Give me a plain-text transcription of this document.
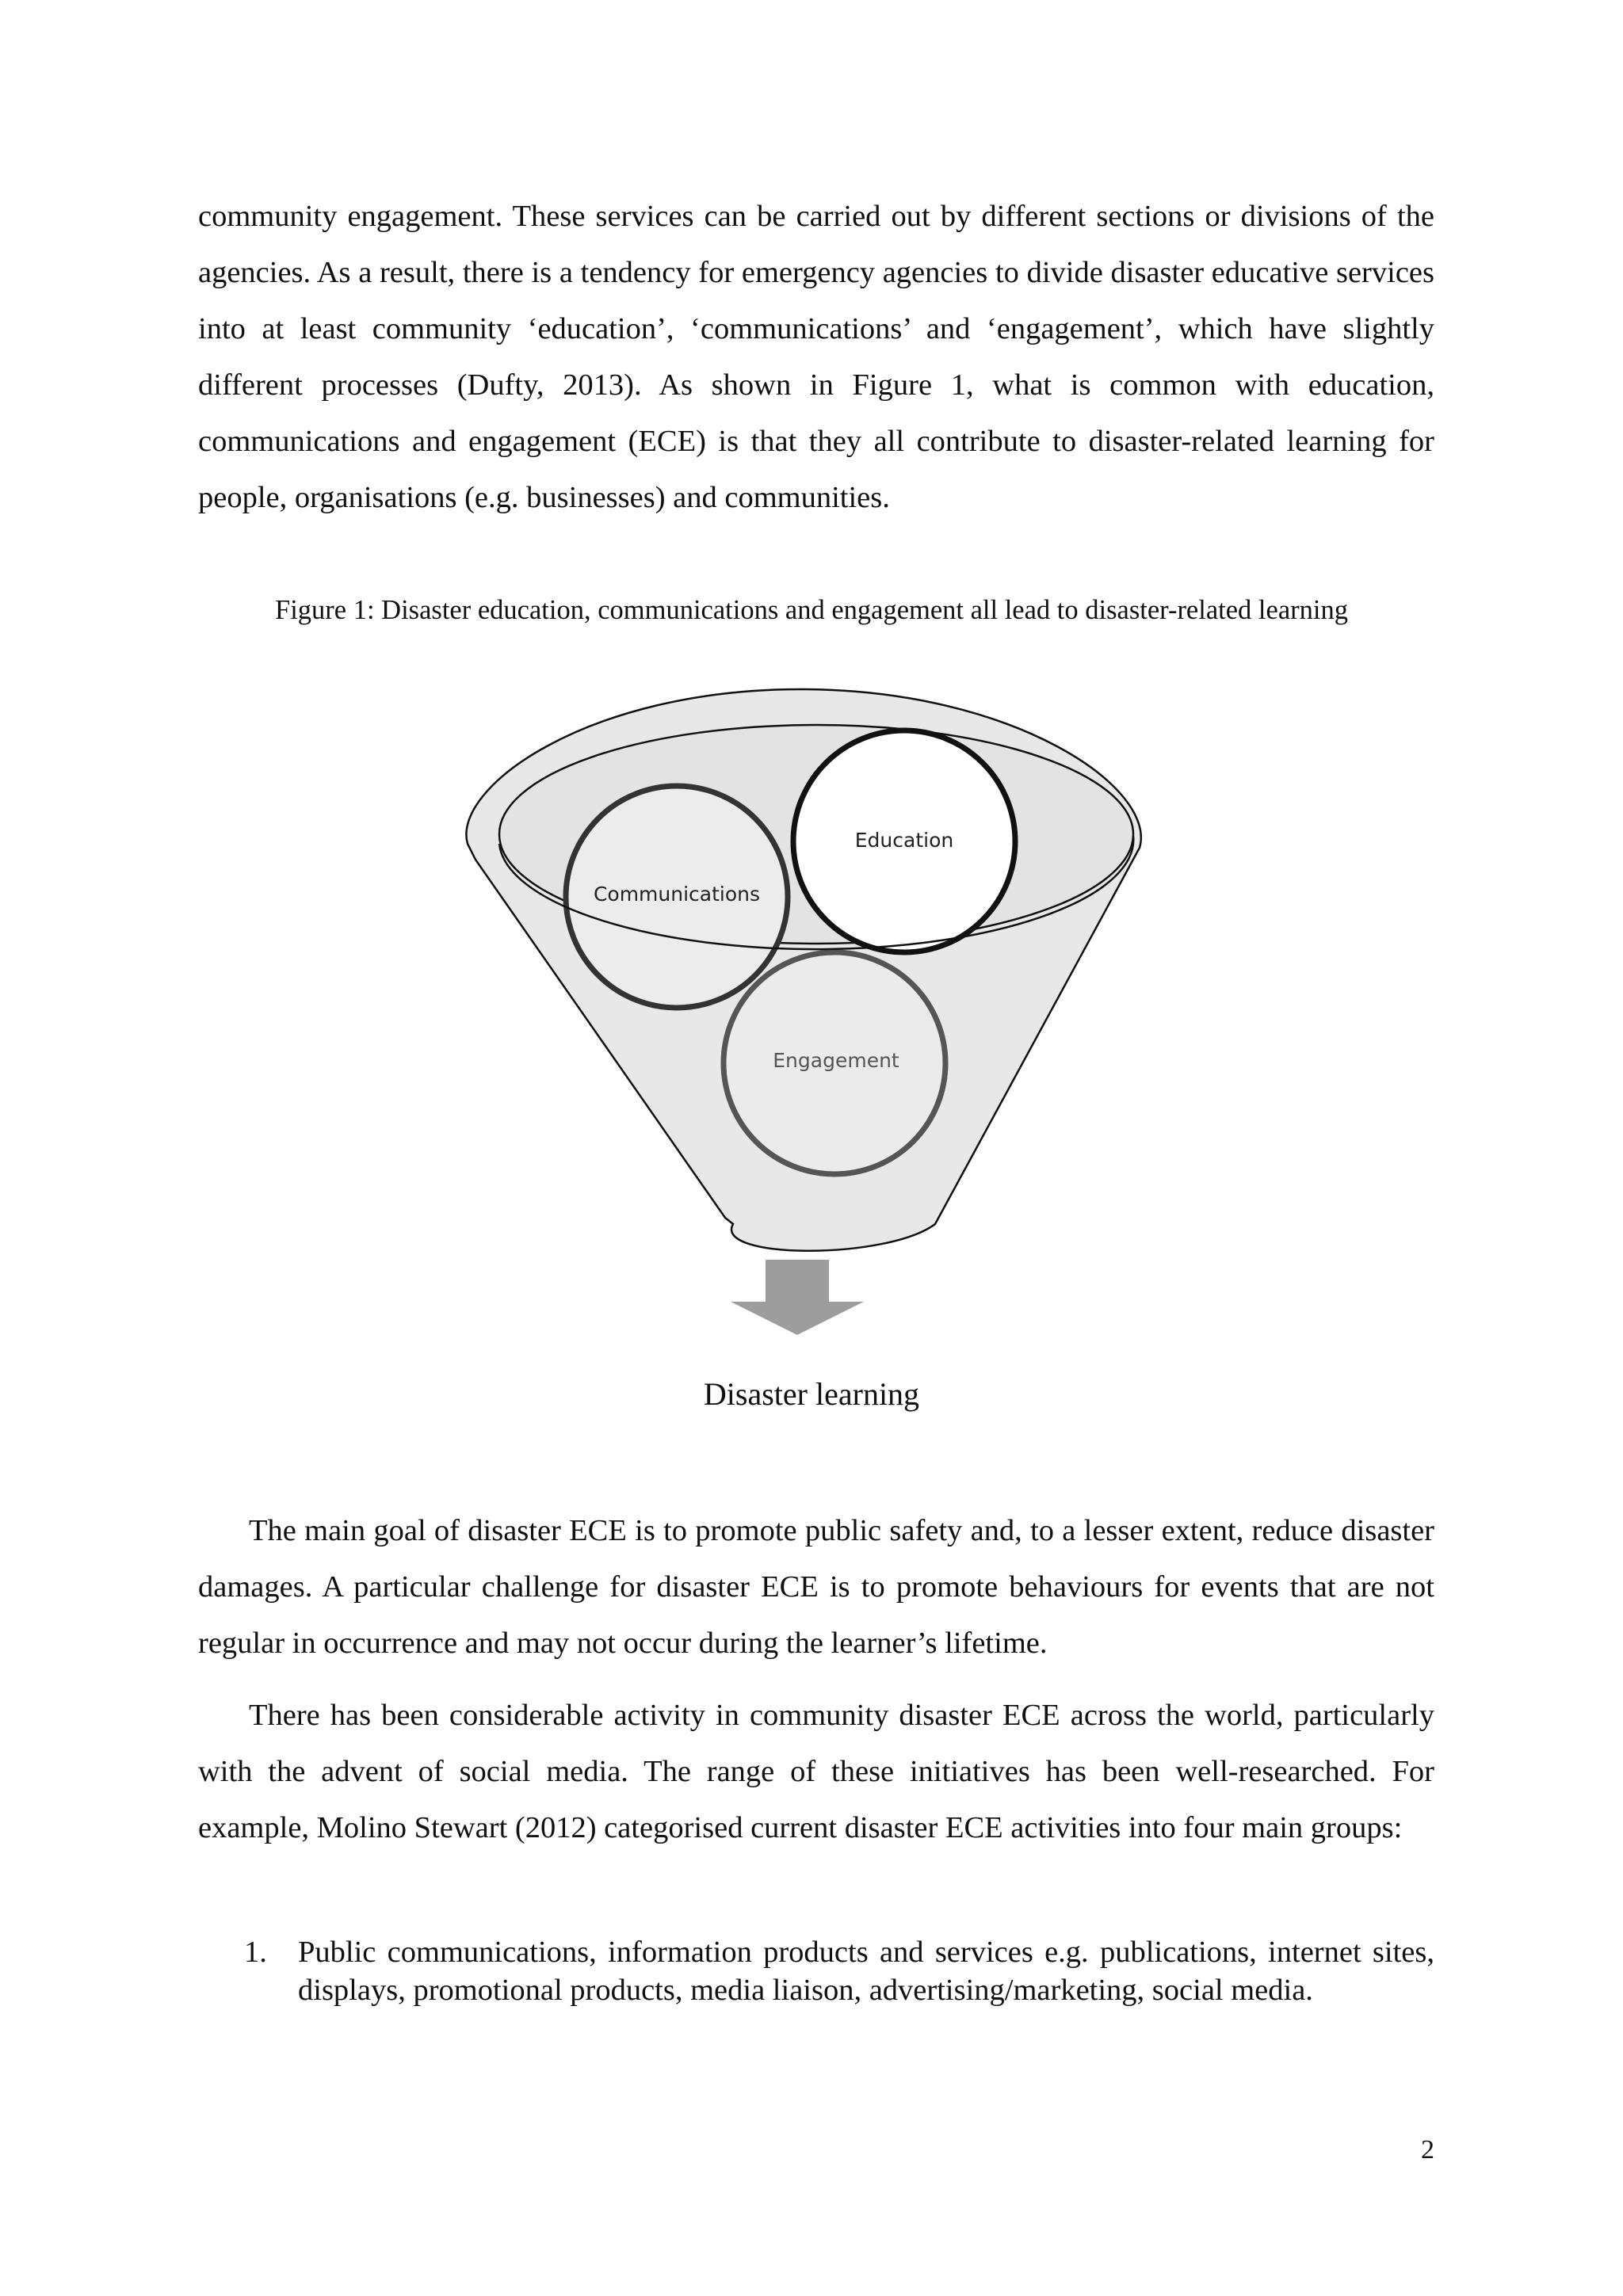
community engagement. These services can be carried out by different sections or divisions of the agencies. As a result, there is a tendency for emergency agencies to divide disaster educative services into at least community ‘education’, ‘communications’ and ‘engagement’, which have slightly different processes (Dufty, 2013). As shown in Figure 1, what is common with education, communications and engagement (ECE) is that they all contribute to disaster-related learning for people, organisations (e.g. businesses) and communities.

Figure 1: Disaster education, communications and engagement all lead to disaster-related learning

Communications
Education
Engagement

Disaster learning

The main goal of disaster ECE is to promote public safety and, to a lesser extent, reduce disaster damages. A particular challenge for disaster ECE is to promote behaviours for events that are not regular in occurrence and may not occur during the learner’s lifetime.

There has been considerable activity in community disaster ECE across the world, particularly with the advent of social media. The range of these initiatives has been well-researched. For example, Molino Stewart (2012) categorised current disaster ECE activities into four main groups:

1. Public communications, information products and services e.g. publications, internet sites, displays, promotional products, media liaison, advertising/marketing, social media.

2
